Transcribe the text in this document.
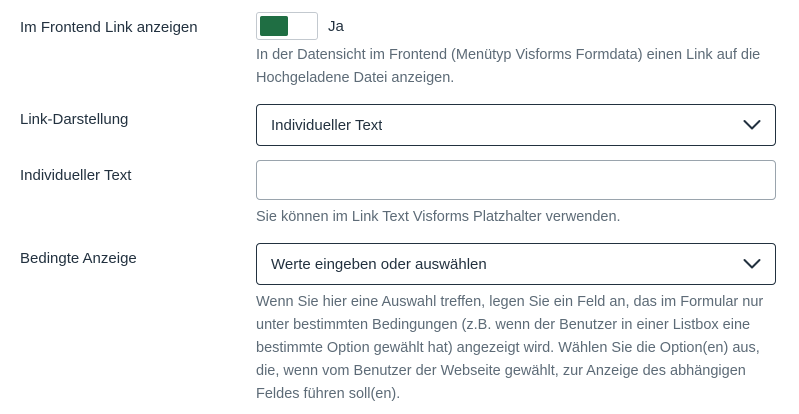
Im Frontend Link anzeigen	Ja
In der Datensicht im Frontend (Menütyp Visforms Formdata) einen Link auf die Hochgeladene Datei anzeigen.
Link-Darstellung	Individueller Text
Individueller Text
Sie können im Link Text Visforms Platzhalter verwenden.
Bedingte Anzeige	Werte eingeben oder auswählen
Wenn Sie hier eine Auswahl treffen, legen Sie ein Feld an, das im Formular nur unter bestimmten Bedingungen (z.B. wenn der Benutzer in einer Listbox eine bestimmte Option gewählt hat) angezeigt wird. Wählen Sie die Option(en) aus, die, wenn vom Benutzer der Webseite gewählt, zur Anzeige des abhängigen Feldes führen soll(en).
